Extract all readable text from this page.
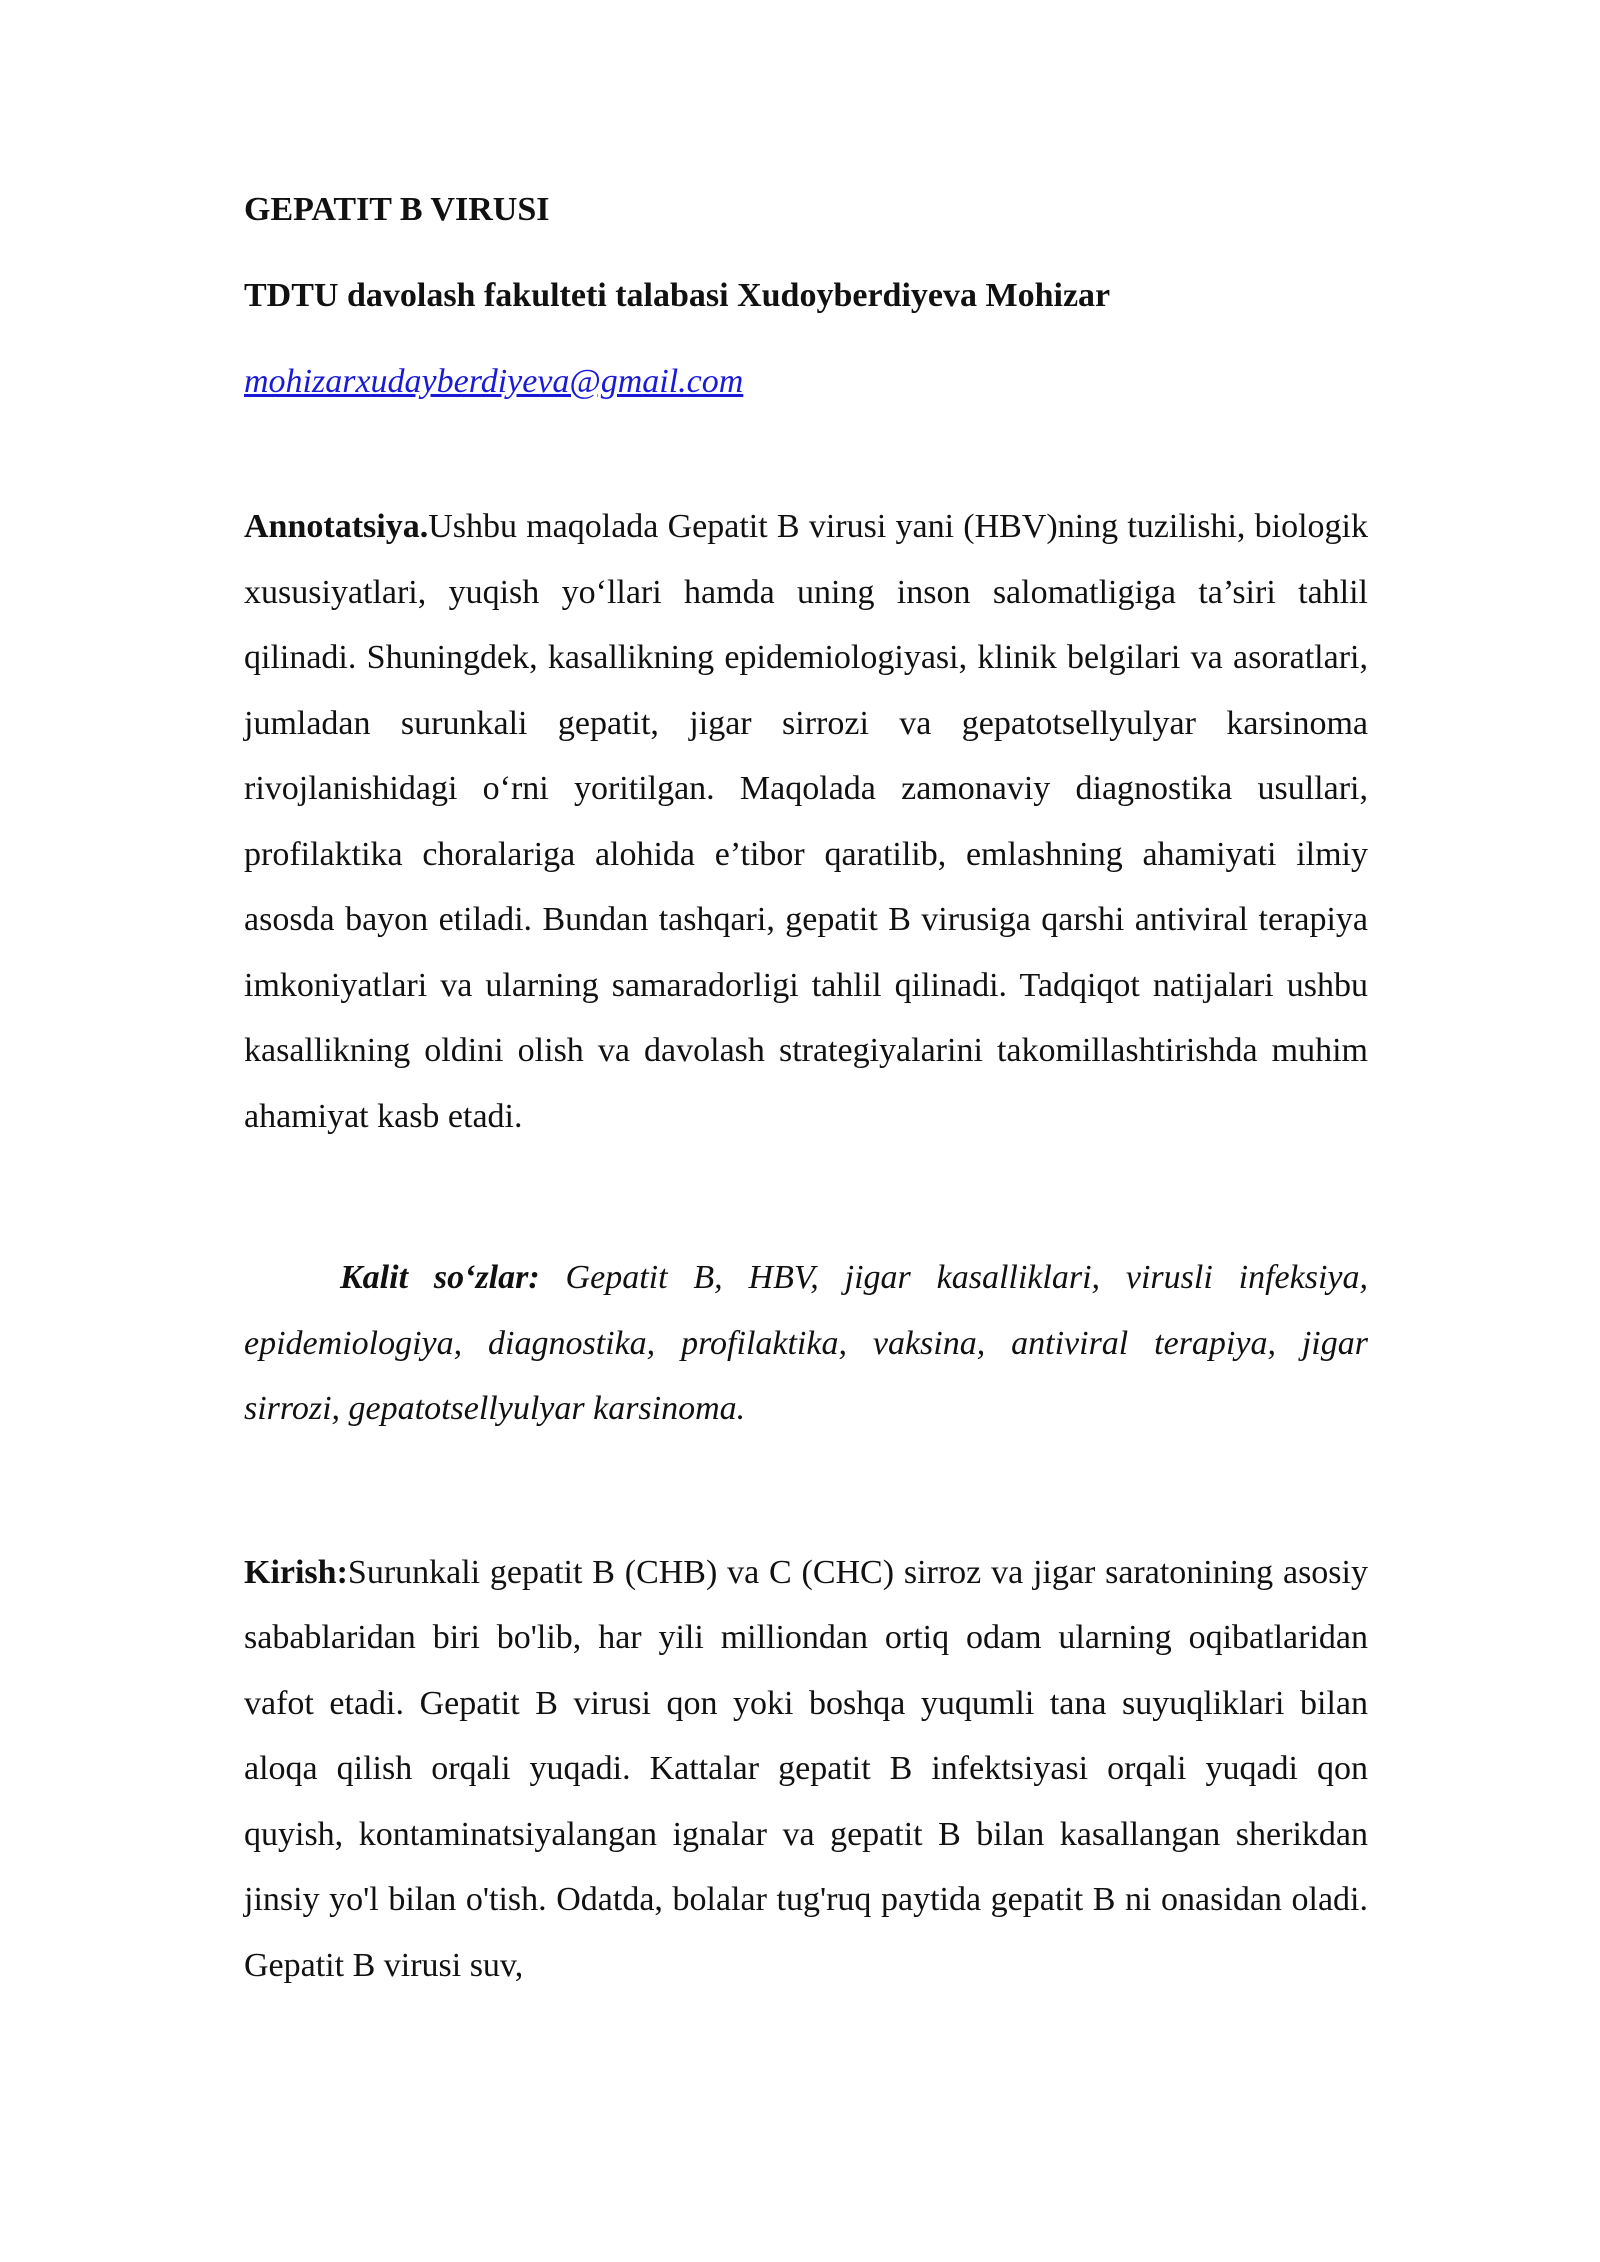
GEPATIT B VIRUSI

TDTU davolash fakulteti talabasi Xudoyberdiyeva Mohizar

mohizarxudayberdiyeva@gmail.com

Annotatsiya.Ushbu maqolada Gepatit B virusi yani (HBV)ning tuzilishi, biologik xususiyatlari, yuqish yo‘llari hamda uning inson salomatligiga ta’siri tahlil qilinadi. Shuningdek, kasallikning epidemiologiyasi, klinik belgilari va asoratlari, jumladan surunkali gepatit, jigar sirrozi va gepatotsellyulyar karsinoma rivojlanishidagi o‘rni yoritilgan. Maqolada zamonaviy diagnostika usullari, profilaktika choralariga alohida e’tibor qaratilib, emlashning ahamiyati ilmiy asosda bayon etiladi. Bundan tashqari, gepatit B virusiga qarshi antiviral terapiya imkoniyatlari va ularning samaradorligi tahlil qilinadi. Tadqiqot natijalari ushbu kasallikning oldini olish va davolash strategiyalarini takomillashtirishda muhim ahamiyat kasb etadi.

Kalit so‘zlar: Gepatit B, HBV, jigar kasalliklari, virusli infeksiya, epidemiologiya, diagnostika, profilaktika, vaksina, antiviral terapiya, jigar sirrozi, gepatotsellyulyar karsinoma.

Kirish:Surunkali gepatit B (CHB) va C (CHC) sirroz va jigar saratonining asosiy sabablaridan biri bo'lib, har yili milliondan ortiq odam ularning oqibatlaridan vafot etadi. Gepatit B virusi qon yoki boshqa yuqumli tana suyuqliklari bilan aloqa qilish orqali yuqadi. Kattalar gepatit B infektsiyasi orqali yuqadi qon quyish, kontaminatsiyalangan ignalar va gepatit B bilan kasallangan sherikdan jinsiy yo'l bilan o'tish. Odatda, bolalar tug'ruq paytida gepatit B ni onasidan oladi. Gepatit B virusi suv,
